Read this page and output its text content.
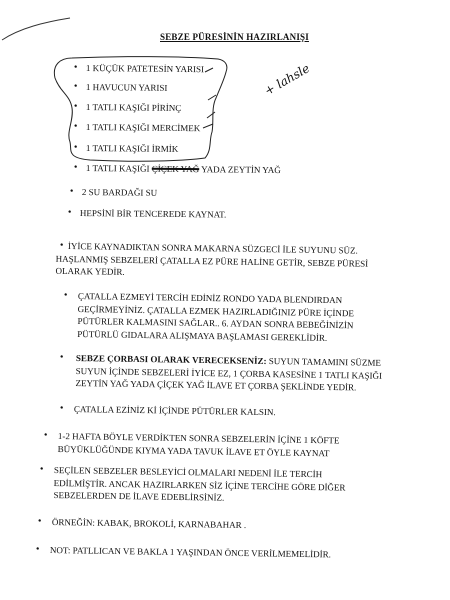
+ lahsle
SEBZE PÜRESİNİN HAZIRLANIŞI
• 1 KÜÇÜK PATETESİN YARISI
• 1 HAVUCUN YARISI
• 1 TATLI KAŞIĞI PİRİNÇ
• 1 TATLI KAŞIĞI MERCİMEK
• 1 TATLI KAŞIĞI İRMİK
• 1 TATLI KAŞIĞI ÇİÇEK YAĞ YADA ZEYTİN YAĞ
• 2 SU BARDAĞI SU
• HEPSİNİ BİR TENCEREDE KAYNAT.
• İYİCE KAYNADIKTAN SONRA MAKARNA SÜZGECİ İLE SUYUNU SÜZ.
HAŞLANMIŞ SEBZELERİ ÇATALLA EZ PÜRE HALİNE GETİR, SEBZE PÜRESİ
OLARAK YEDİR.
• ÇATALLA EZMEYİ TERCİH EDİNİZ RONDO YADA BLENDIRDAN
GEÇİRMEYİNİZ. ÇATALLA EZMEK HAZIRLADIĞINIZ PÜRE İÇİNDE
PÜTÜRLER KALMASINI SAĞLAR.. 6. AYDAN SONRA BEBEĞİNİZİN
PÜTÜRLÜ GIDALARA ALIŞMAYA BAŞLAMASI GEREKLİDİR.
• SEBZE ÇORBASI OLARAK VERECEKSENİZ: SUYUN TAMAMINI SÜZME
SUYUN İÇİNDE SEBZELERİ İYİCE EZ, 1 ÇORBA KASESİNE 1 TATLI KAŞIĞI
ZEYTİN YAĞ YADA ÇİÇEK YAĞ İLAVE ET ÇORBA ŞEKLİNDE YEDİR.
• ÇATALLA EZİNİZ Kİ İÇİNDE PÜTÜRLER KALSIN.
• 1-2 HAFTA BÖYLE VERDİKTEN SONRA SEBZELERİN İÇİNE 1 KÖFTE
BÜYÜKLÜĞÜNDE KIYMA YADA TAVUK İLAVE ET ÖYLE KAYNAT
• SEÇİLEN SEBZELER BESLEYİCİ OLMALARI NEDENİ İLE TERCİH
EDİLMİŞTİR. ANCAK HAZIRLARKEN SİZ İÇİNE TERCİHE GÖRE DİĞER
SEBZELERDEN DE İLAVE EDEBLİRSİNİZ.
• ÖRNEĞİN: KABAK, BROKOLİ, KARNABAHAR .
• NOT: PATLLICAN VE BAKLA 1 YAŞINDAN ÖNCE VERİLMEMELİDİR.
